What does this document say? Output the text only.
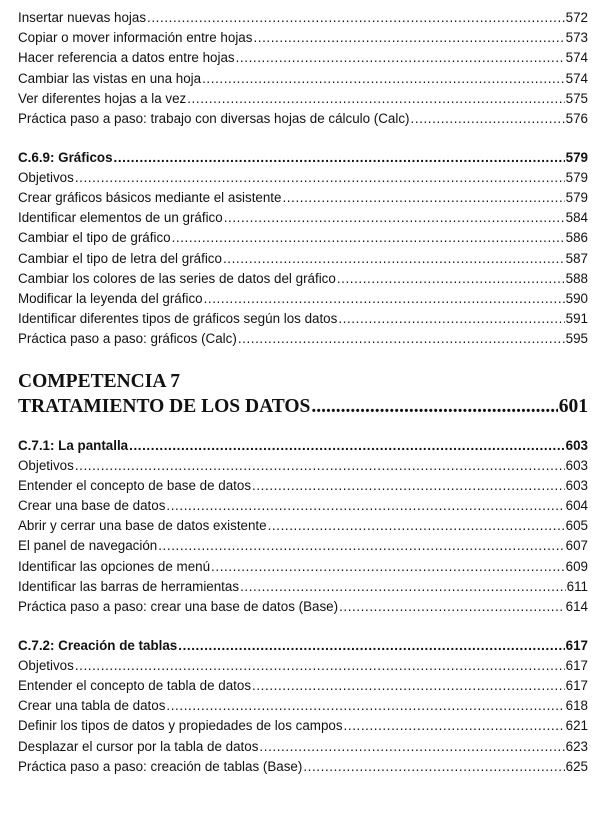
Insertar nuevas hojas .....	572
Copiar o mover información entre hojas .....	573
Hacer referencia a datos entre hojas .....	574
Cambiar las vistas en una hoja .....	574
Ver diferentes hojas a la vez .....	575
Práctica paso a paso: trabajo con diversas hojas de cálculo (Calc) .....	576
C.6.9: Gráficos .....	579
Objetivos .....	579
Crear gráficos básicos mediante el asistente .....	579
Identificar elementos de un gráfico .....	584
Cambiar el tipo de gráfico .....	586
Cambiar el tipo de letra del gráfico .....	587
Cambiar los colores de las series de datos del gráfico .....	588
Modificar la leyenda del gráfico .....	590
Identificar diferentes tipos de gráficos según los datos .....	591
Práctica paso a paso: gráficos (Calc) .....	595
COMPETENCIA 7
TRATAMIENTO DE LOS DATOS .....	601
C.7.1: La pantalla .....	603
Objetivos .....	603
Entender el concepto de base de datos .....	603
Crear una base de datos .....	604
Abrir y cerrar una base de datos existente .....	605
El panel de navegación .....	607
Identificar las opciones de menú .....	609
Identificar las barras de herramientas .....	611
Práctica paso a paso: crear una base de datos (Base) .....	614
C.7.2: Creación de tablas .....	617
Objetivos .....	617
Entender el concepto de tabla de datos .....	617
Crear una tabla de datos .....	618
Definir los tipos de datos y propiedades de los campos .....	621
Desplazar el cursor por la tabla de datos .....	623
Práctica paso a paso: creación de tablas (Base) .....	625
